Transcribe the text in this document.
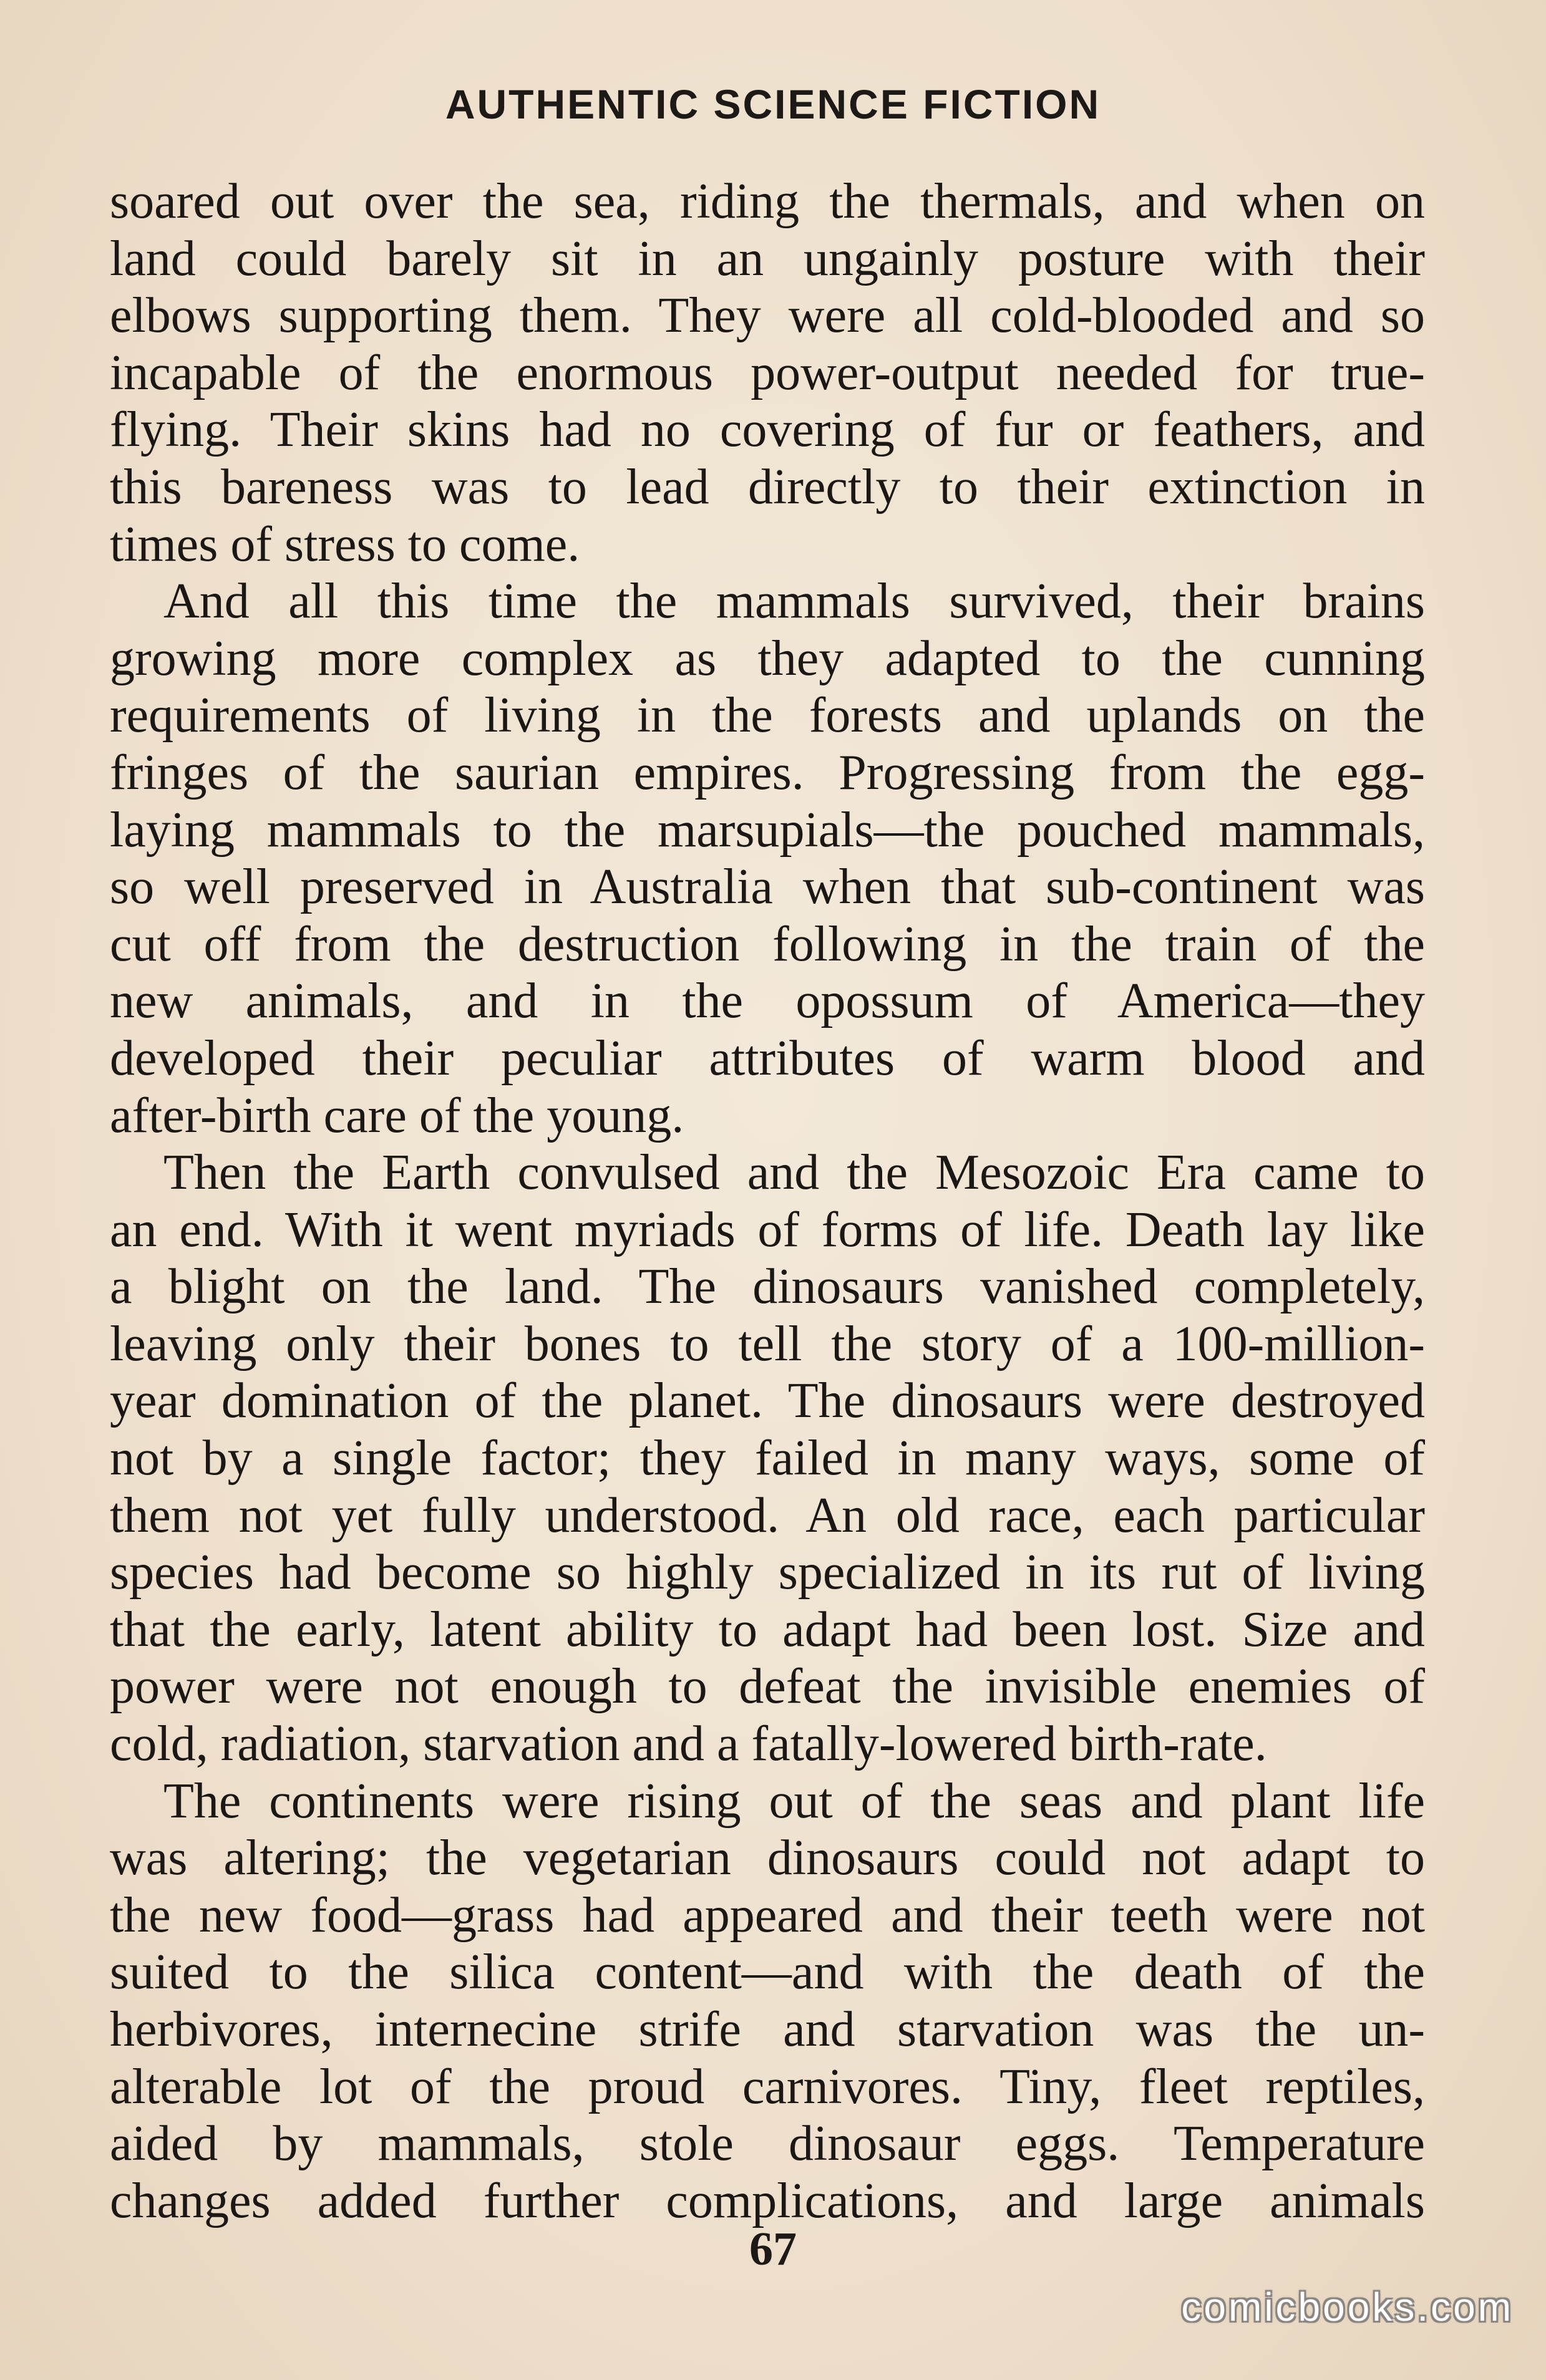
AUTHENTIC SCIENCE FICTION
soared out over the sea, riding the thermals, and when on
land could barely sit in an ungainly posture with their
elbows supporting them. They were all cold-blooded and so
incapable of the enormous power-output needed for true-
flying. Their skins had no covering of fur or feathers, and
this bareness was to lead directly to their extinction in
times of stress to come.
And all this time the mammals survived, their brains
growing more complex as they adapted to the cunning
requirements of living in the forests and uplands on the
fringes of the saurian empires. Progressing from the egg-
laying mammals to the marsupials—the pouched mammals,
so well preserved in Australia when that sub-continent was
cut off from the destruction following in the train of the
new animals, and in the opossum of America—they
developed their peculiar attributes of warm blood and
after-birth care of the young.
Then the Earth convulsed and the Mesozoic Era came to
an end. With it went myriads of forms of life. Death lay like
a blight on the land. The dinosaurs vanished completely,
leaving only their bones to tell the story of a 100-million-
year domination of the planet. The dinosaurs were destroyed
not by a single factor; they failed in many ways, some of
them not yet fully understood. An old race, each particular
species had become so highly specialized in its rut of living
that the early, latent ability to adapt had been lost. Size and
power were not enough to defeat the invisible enemies of
cold, radiation, starvation and a fatally-lowered birth-rate.
The continents were rising out of the seas and plant life
was altering; the vegetarian dinosaurs could not adapt to
the new food—grass had appeared and their teeth were not
suited to the silica content—and with the death of the
herbivores, internecine strife and starvation was the un-
alterable lot of the proud carnivores. Tiny, fleet reptiles,
aided by mammals, stole dinosaur eggs. Temperature
changes added further complications, and large animals
67
comicbooks.com
